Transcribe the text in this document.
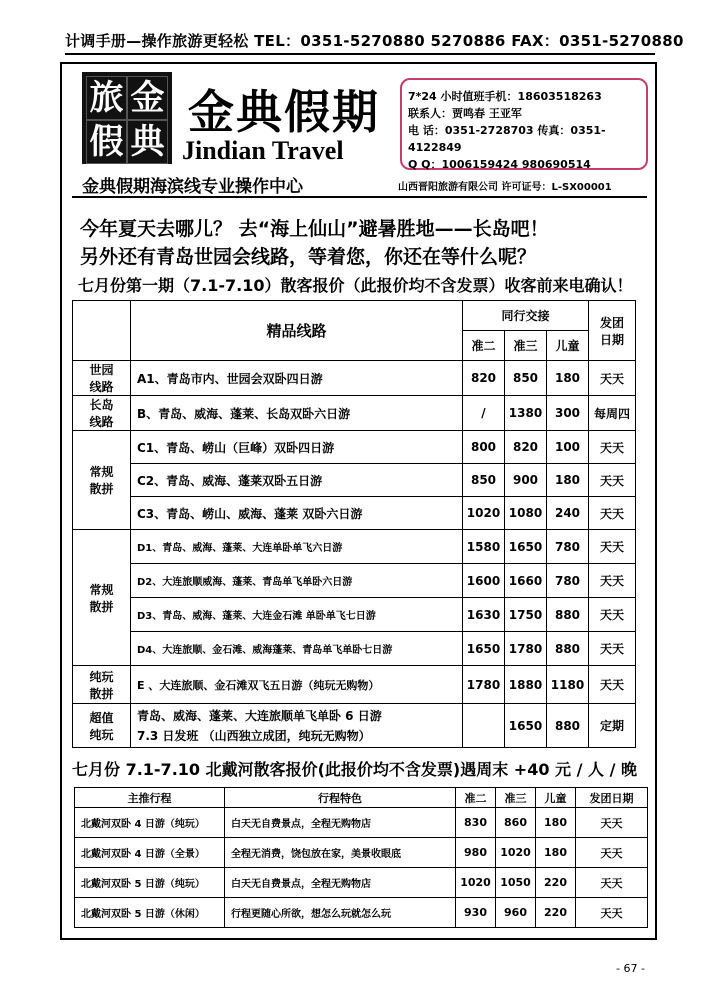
计调手册—操作旅游更轻松 TEL：0351-5270880 5270886 FAX：0351-5270880
旅 金
假 典
金典假期
Jindian Travel
7*24 小时值班手机：18603518263
联系人：贾鸣春 王亚军
电 话：0351-2728703 传真：0351-4122849
Q Q：1006159424 980690514
金典假期海滨线专业操作中心	山西晋阳旅游有限公司 许可证号：L-SX00001
今年夏天去哪儿？ 去“海上仙山”避暑胜地——长岛吧！
另外还有青岛世园会线路，等着您，你还在等什么呢？
七月份第一期（7.1-7.10）散客报价（此报价均不含发票）收客前来电确认！
	精品线路	同行交接			发团日期
		准二	准三	儿童	
世园线路	A1、青岛市内、世园会双卧四日游	820	850	180	天天
长岛线路	B、青岛、威海、蓬莱、长岛双卧六日游	/	1380	300	每周四
常规散拼	C1、青岛、崂山（巨峰）双卧四日游	800	820	100	天天
	C2、青岛、威海、蓬莱双卧五日游	850	900	180	天天
	C3、青岛、崂山、威海、蓬莱 双卧六日游	1020	1080	240	天天
常规散拼	D1、青岛、威海、蓬莱、大连单卧单飞六日游	1580	1650	780	天天
	D2、大连旅顺威海、蓬莱、青岛单飞单卧六日游	1600	1660	780	天天
	D3、青岛、威海、蓬莱、大连金石滩 单卧单飞七日游	1630	1750	880	天天
	D4、大连旅顺、金石滩、威海蓬莱、青岛单飞单卧七日游	1650	1780	880	天天
纯玩散拼	E 、大连旅顺、金石滩双飞五日游（纯玩无购物）	1780	1880	1180	天天
超值纯玩	青岛、威海、蓬莱、大连旅顺单飞单卧 6 日游
7.3 日发班 （山西独立成团，纯玩无购物）		1650	880	定期
七月份 7.1-7.10 北戴河散客报价(此报价均不含发票)遇周末 +40 元 / 人 / 晚
主推行程	行程特色	准二	准三	儿童	发团日期
北戴河双卧 4 日游（纯玩）	白天无自费景点，全程无购物店	830	860	180	天天
北戴河双卧 4 日游（全景）	全程无消费，饶包放在家，美景收眼底	980	1020	180	天天
北戴河双卧 5 日游（纯玩）	白天无自费景点，全程无购物店	1020	1050	220	天天
北戴河双卧 5 日游（休闲）	行程更随心所欲，想怎么玩就怎么玩	930	960	220	天天
- 67 -
